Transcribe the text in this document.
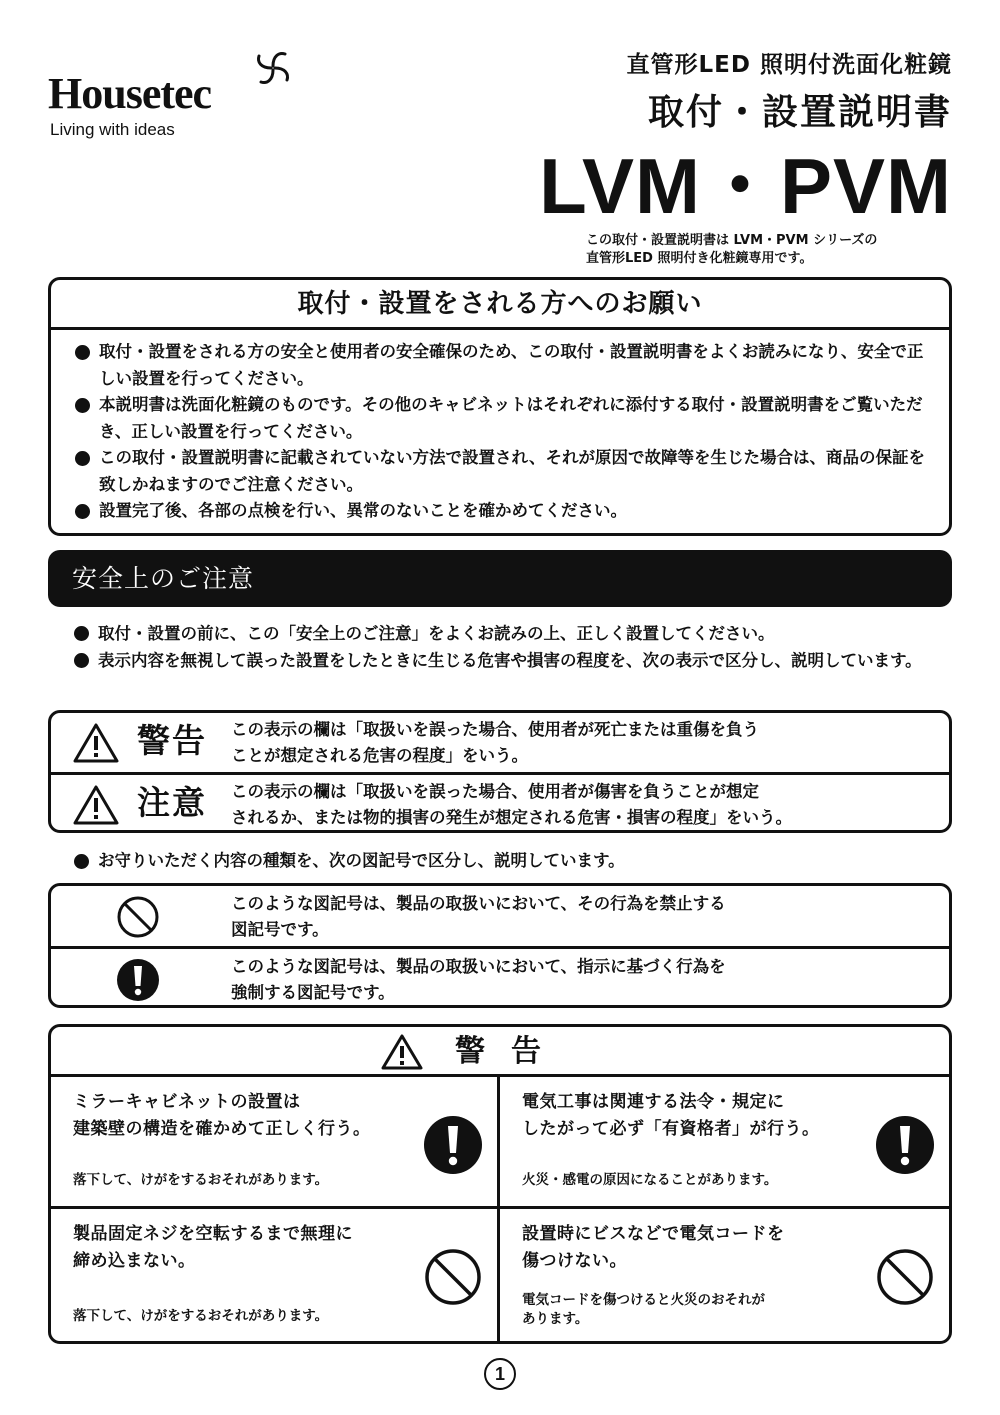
Housetec
Living with ideas
直管形LED 照明付洗面化粧鏡
取付・設置説明書
LVM・PVM
この取付・設置説明書は LVM・PVM シリーズの
直管形LED 照明付き化粧鏡専用です。
取付・設置をされる方へのお願い
取付・設置をされる方の安全と使用者の安全確保のため、この取付・設置説明書をよくお読みになり、安全で正しい設置を行ってください。
本説明書は洗面化粧鏡のものです。その他のキャビネットはそれぞれに添付する取付・設置説明書をご覧いただき、正しい設置を行ってください。
この取付・設置説明書に記載されていない方法で設置され、それが原因で故障等を生じた場合は、商品の保証を致しかねますのでご注意ください。
設置完了後、各部の点検を行い、異常のないことを確かめてください。
安全上のご注意
取付・設置の前に、この「安全上のご注意」をよくお読みの上、正しく設置してください。
表示内容を無視して誤った設置をしたときに生じる危害や損害の程度を、次の表示で区分し、説明しています。
警告 この表示の欄は「取扱いを誤った場合、使用者が死亡または重傷を負う
ことが想定される危害の程度」をいう。
注意 この表示の欄は「取扱いを誤った場合、使用者が傷害を負うことが想定
されるか、または物的損害の発生が想定される危害・損害の程度」をいう。
お守りいただく内容の種類を、次の図記号で区分し、説明しています。
このような図記号は、製品の取扱いにおいて、その行為を禁止する
図記号です。
このような図記号は、製品の取扱いにおいて、指示に基づく行為を
強制する図記号です。
警告
ミラーキャビネットの設置は
建築壁の構造を確かめて正しく行う。
落下して、けがをするおそれがあります。
電気工事は関連する法令・規定に
したがって必ず「有資格者」が行う。
火災・感電の原因になることがあります。
製品固定ネジを空転するまで無理に
締め込まない。
落下して、けがをするおそれがあります。
設置時にビスなどで電気コードを
傷つけない。
電気コードを傷つけると火災のおそれが
あります。
1
